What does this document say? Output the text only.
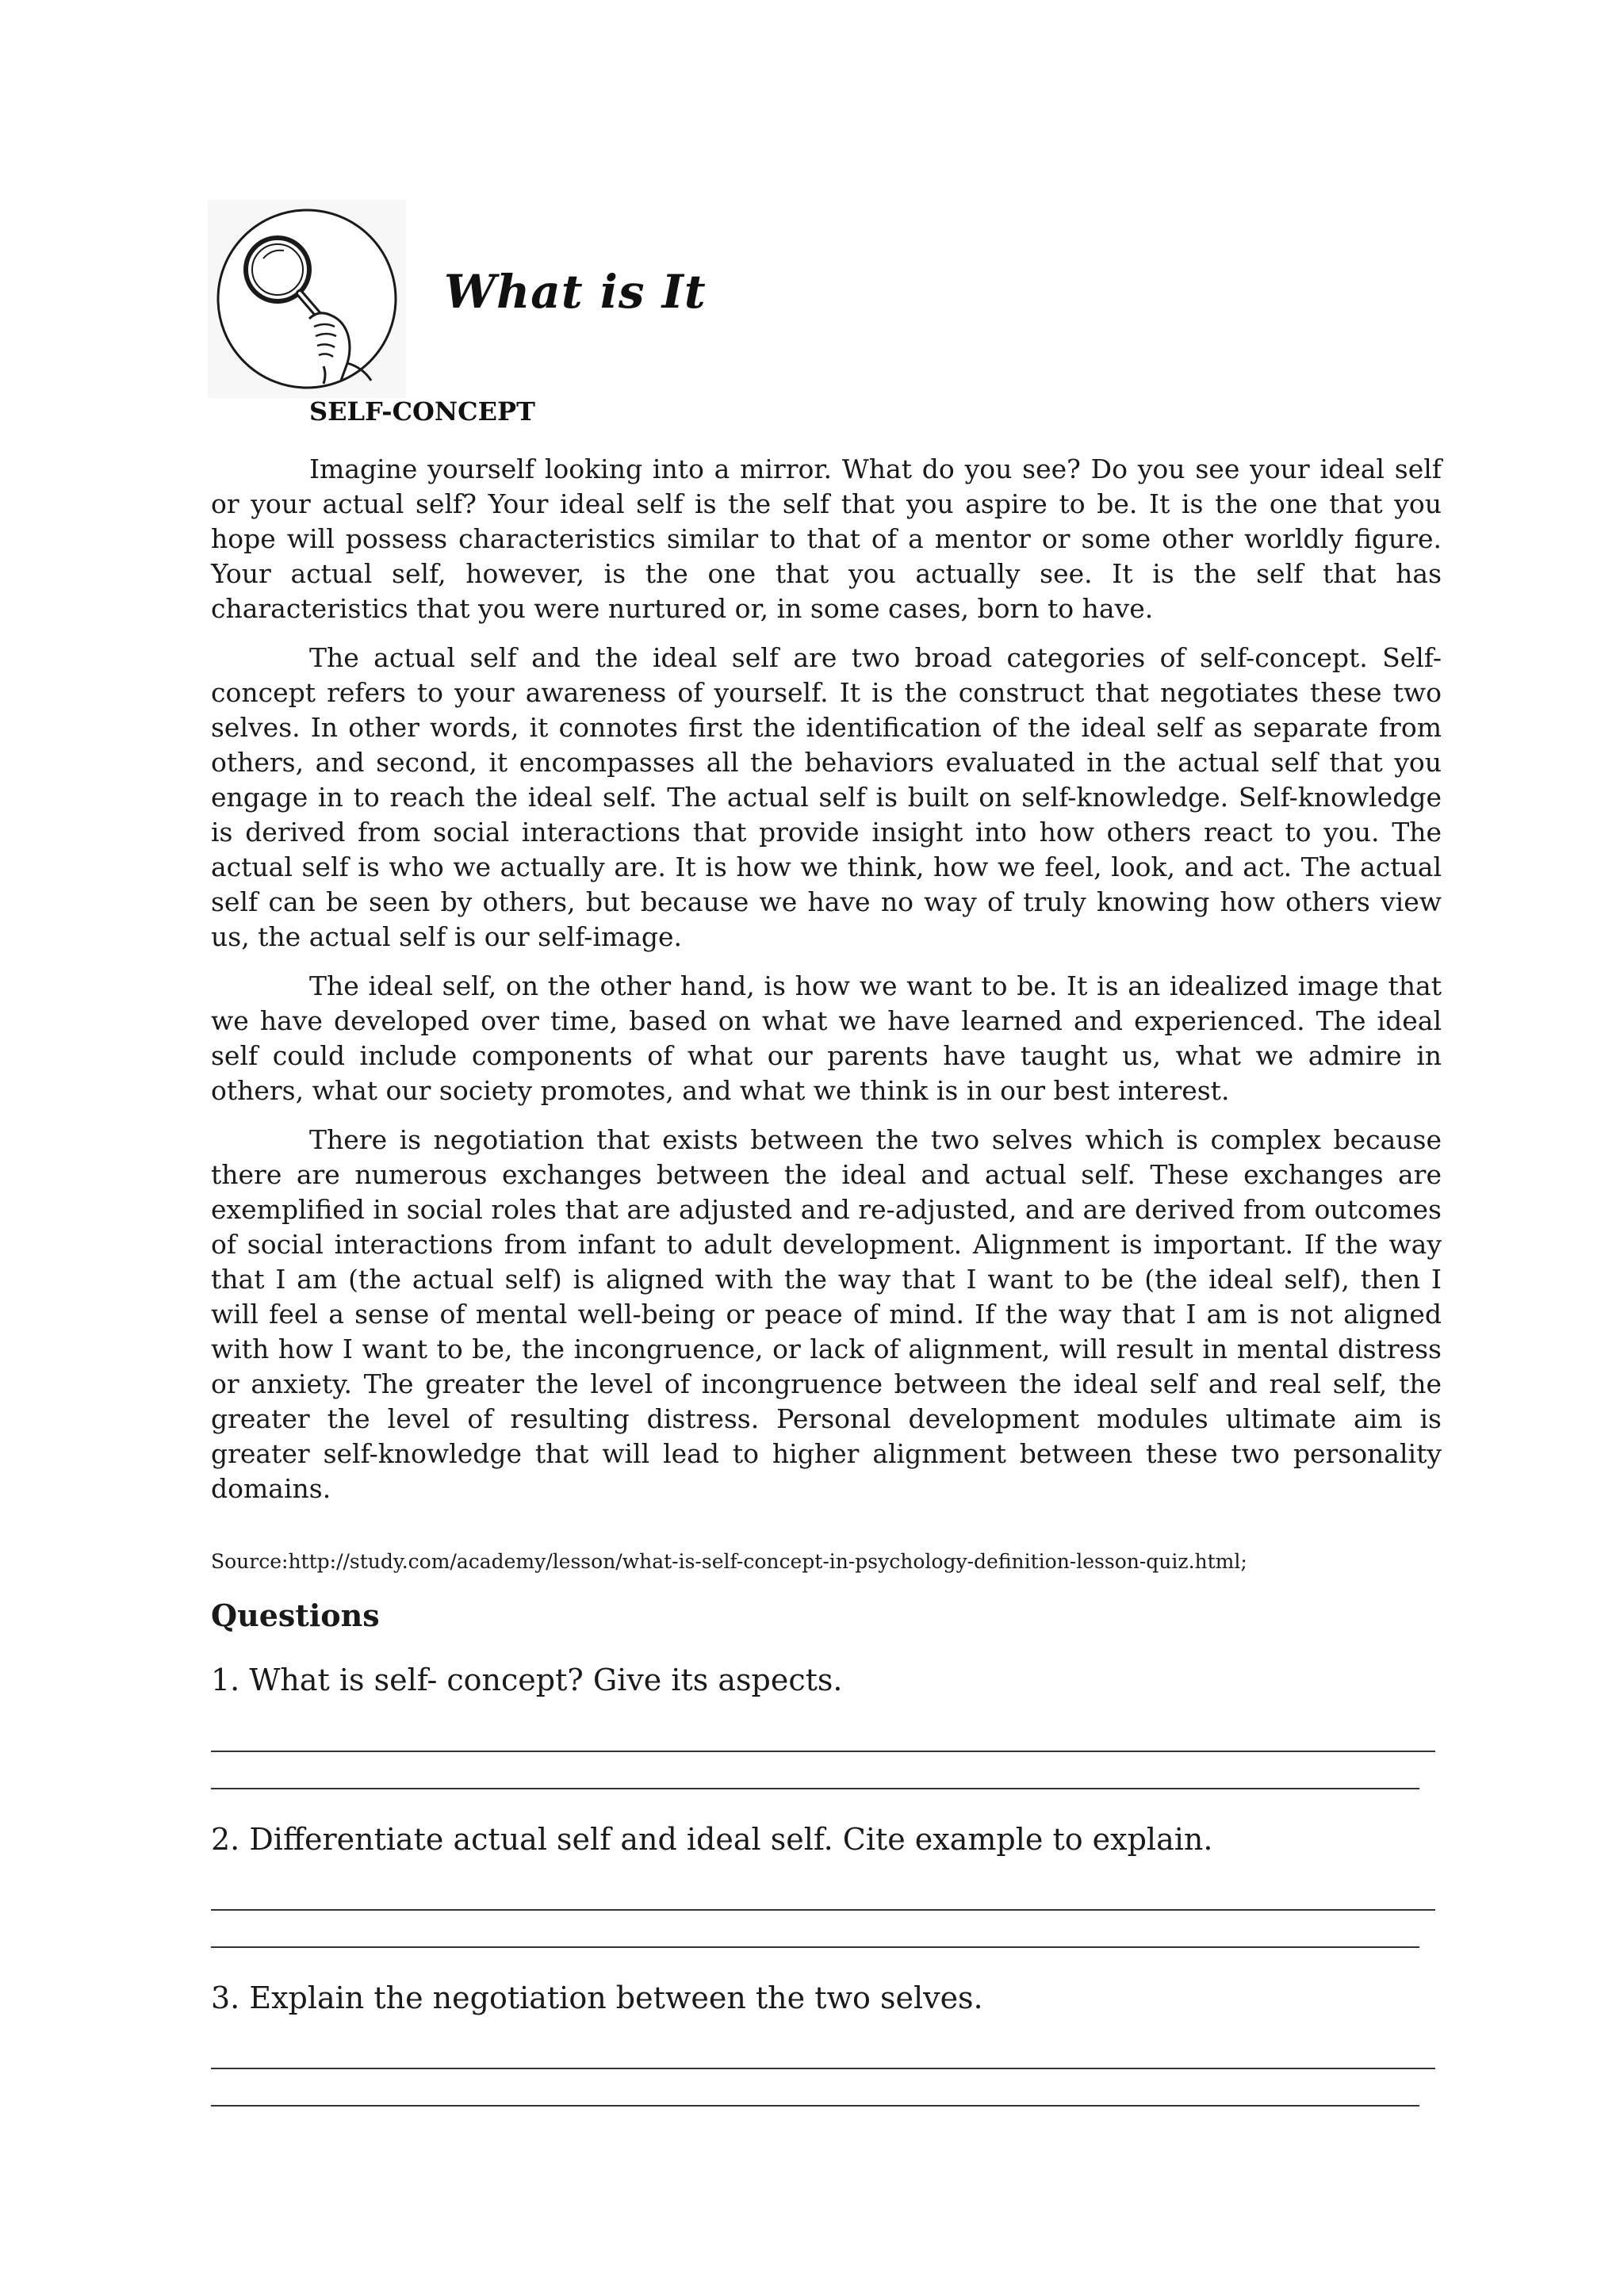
What is It
SELF-CONCEPT

Imagine yourself looking into a mirror. What do you see? Do you see your ideal self or your actual self? Your ideal self is the self that you aspire to be. It is the one that you hope will possess characteristics similar to that of a mentor or some other worldly figure. Your actual self, however, is the one that you actually see. It is the self that has characteristics that you were nurtured or, in some cases, born to have.

The actual self and the ideal self are two broad categories of self-concept. Self-concept refers to your awareness of yourself. It is the construct that negotiates these two selves. In other words, it connotes first the identification of the ideal self as separate from others, and second, it encompasses all the behaviors evaluated in the actual self that you engage in to reach the ideal self. The actual self is built on self-knowledge. Self-knowledge is derived from social interactions that provide insight into how others react to you. The actual self is who we actually are. It is how we think, how we feel, look, and act. The actual self can be seen by others, but because we have no way of truly knowing how others view us, the actual self is our self-image.

The ideal self, on the other hand, is how we want to be. It is an idealized image that we have developed over time, based on what we have learned and experienced. The ideal self could include components of what our parents have taught us, what we admire in others, what our society promotes, and what we think is in our best interest.

There is negotiation that exists between the two selves which is complex because there are numerous exchanges between the ideal and actual self. These exchanges are exemplified in social roles that are adjusted and re-adjusted, and are derived from outcomes of social interactions from infant to adult development. Alignment is important. If the way that I am (the actual self) is aligned with the way that I want to be (the ideal self), then I will feel a sense of mental well-being or peace of mind. If the way that I am is not aligned with how I want to be, the incongruence, or lack of alignment, will result in mental distress or anxiety. The greater the level of incongruence between the ideal self and real self, the greater the level of resulting distress. Personal development modules ultimate aim is greater self-knowledge that will lead to higher alignment between these two personality domains.

Source:http://study.com/academy/lesson/what-is-self-concept-in-psychology-definition-lesson-quiz.html;

Questions

1. What is self- concept? Give its aspects.

2. Differentiate actual self and ideal self. Cite example to explain.

3. Explain the negotiation between the two selves.
